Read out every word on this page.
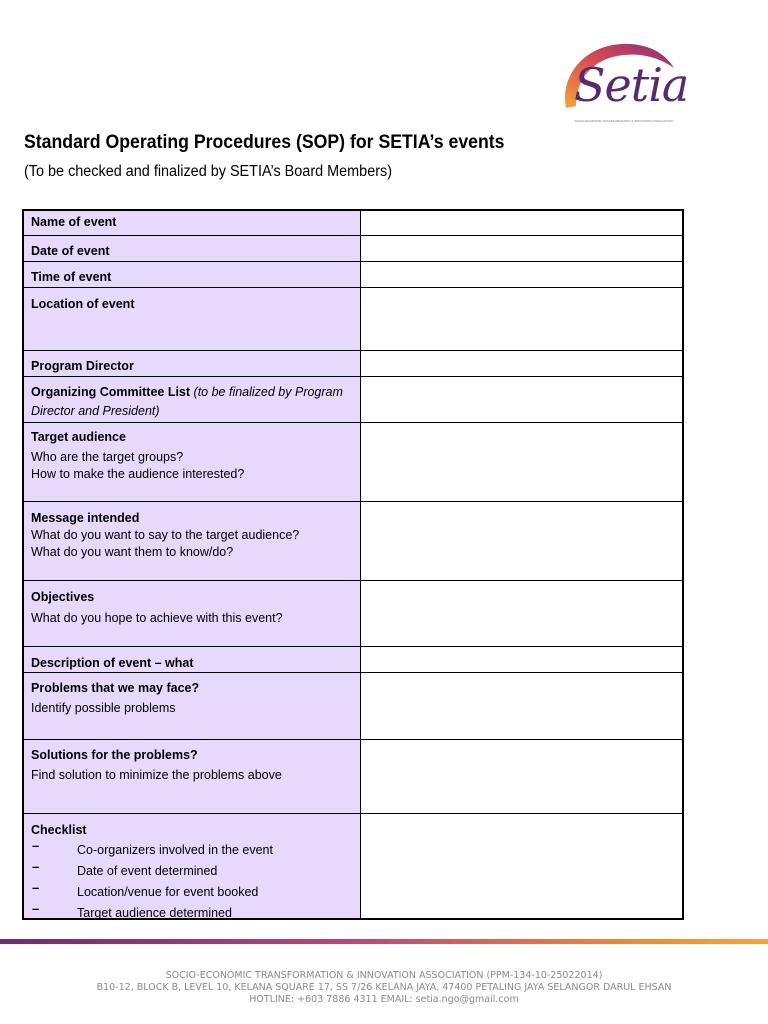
Setia
SOCIO-ECONOMIC TRANSFORMATION & INNOVATION ASSOCIATION
Standard Operating Procedures (SOP) for SETIA’s events
(To be checked and finalized by SETIA’s Board Members)
Name of event
Date of event
Time of event
Location of event
Program Director
Organizing Committee List (to be finalized by Program Director and President)
Target audience
Who are the target groups?
How to make the audience interested?
Message intended
What do you want to say to the target audience?
What do you want them to know/do?
Objectives
What do you hope to achieve with this event?
Description of event – what
Problems that we may face?
Identify possible problems
Solutions for the problems?
Find solution to minimize the problems above
Checklist
–	Co-organizers involved in the event
–	Date of event determined
–	Location/venue for event booked
–	Target audience determined
SOCIO-ECONOMIC TRANSFORMATION & INNOVATION ASSOCIATION (PPM-134-10-25022014)
B10-12, BLOCK B, LEVEL 10, KELANA SQUARE 17, SS 7/26 KELANA JAYA, 47400 PETALING JAYA SELANGOR DARUL EHSAN
HOTLINE: +603 7886 4311 EMAIL: setia.ngo@gmail.com
